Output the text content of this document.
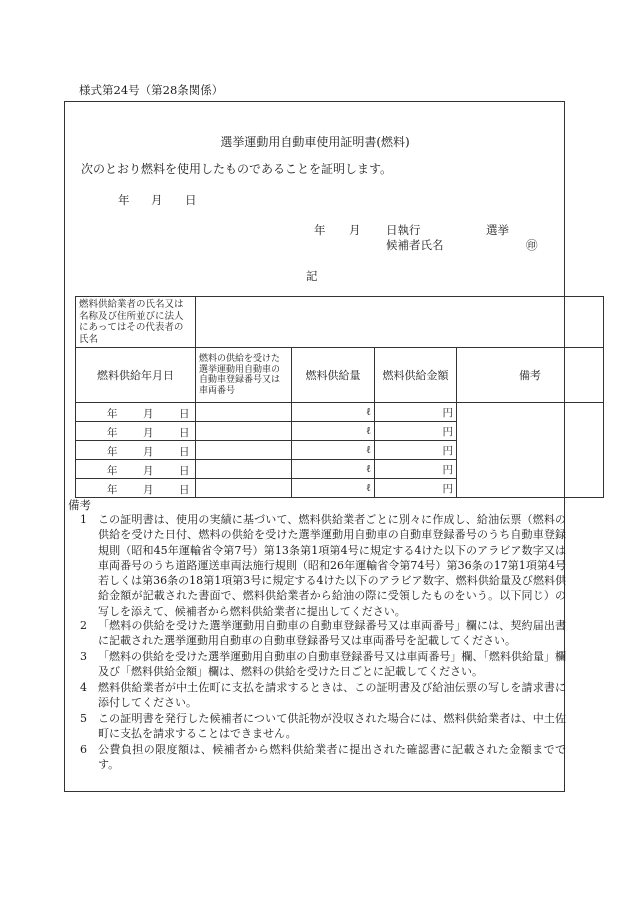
様式第24号（第28条関係）
選挙運動用自動車使用証明書(燃料)
次のとおり燃料を使用したものであることを証明します。
年 月 日
年 月 日執行	選挙
候補者氏名	㊞
記
燃料供給業者の氏名又は名称及び住所並びに法人にあってはその代表者の氏名				
燃料供給年月日	燃料の供給を受けた選挙運動用自動車の自動車登録番号又は車両番号	燃料供給量	燃料供給金額	備考

年 月 日		ℓ	円	

年 月 日		ℓ	円	

年 月 日		ℓ	円	

年 月 日		ℓ	円	

年 月 日		ℓ	円	
備考
1	この証明書は、使用の実績に基づいて、燃料供給業者ごとに別々に作成し、給油伝票（燃料の供給を受けた日付、燃料の供給を受けた選挙運動用自動車の自動車登録番号のうち自動車登録規則（昭和45年運輸省令第7号）第13条第1項第4号に規定する4けた以下のアラビア数字又は車両番号のうち道路運送車両法施行規則（昭和26年運輸省令第74号）第36条の17第1項第4号若しくは第36条の18第1項第3号に規定する4けた以下のアラビア数字、燃料供給量及び燃料供給金額が記載された書面で、燃料供給業者から給油の際に受領したものをいう。以下同じ）の写しを添えて、候補者から燃料供給業者に提出してください。
2	「燃料の供給を受けた選挙運動用自動車の自動車登録番号又は車両番号」欄には、契約届出書に記載された選挙運動用自動車の自動車登録番号又は車両番号を記載してください。
3	「燃料の供給を受けた選挙運動用自動車の自動車登録番号又は車両番号」欄、「燃料供給量」欄及び「燃料供給金額」欄は、燃料の供給を受けた日ごとに記載してください。
4	燃料供給業者が中土佐町に支払を請求するときは、この証明書及び給油伝票の写しを請求書に添付してください。
5	この証明書を発行した候補者について供託物が没収された場合には、燃料供給業者は、中土佐町に支払を請求することはできません。
6	公費負担の限度額は、候補者から燃料供給業者に提出された確認書に記載された金額までです。
